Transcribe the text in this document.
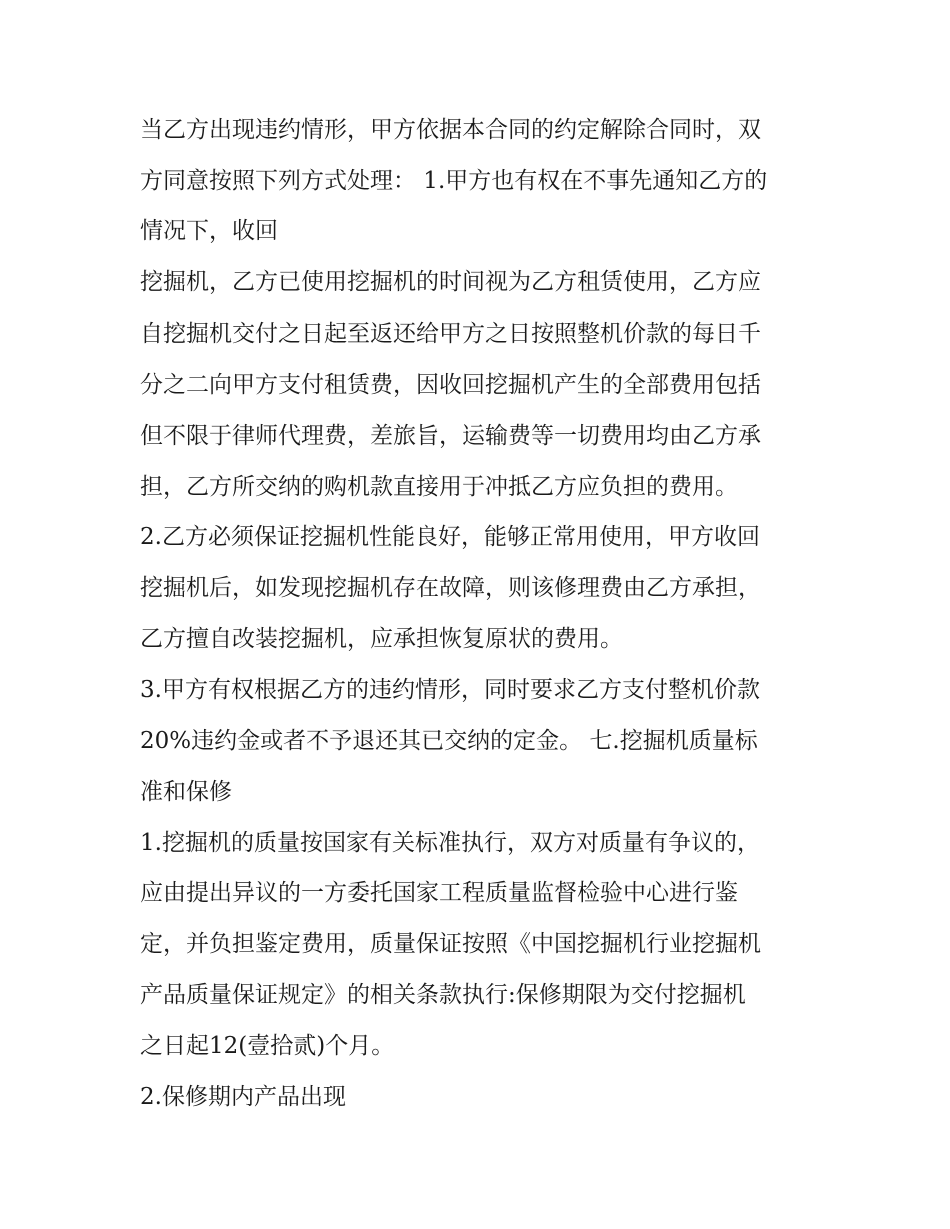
当乙方出现违约情形，甲方依据本合同的约定解除合同时，双
方同意按照下列方式处理： 1.甲方也有权在不事先通知乙方的
情况下，收回
挖掘机，乙方已使用挖掘机的时间视为乙方租赁使用，乙方应
自挖掘机交付之日起至返还给甲方之日按照整机价款的每日千
分之二向甲方支付租赁费，因收回挖掘机产生的全部费用包括
但不限于律师代理费，差旅旨，运输费等一切费用均由乙方承
担，乙方所交纳的购机款直接用于冲抵乙方应负担的费用。
2.乙方必须保证挖掘机性能良好，能够正常用使用，甲方收回
挖掘机后，如发现挖掘机存在故障，则该修理费由乙方承担，
乙方擅自改装挖掘机，应承担恢复原状的费用。
3.甲方有权根据乙方的违约情形，同时要求乙方支付整机价款
20%违约金或者不予退还其已交纳的定金。 七.挖掘机质量标
准和保修
1.挖掘机的质量按国家有关标准执行，双方对质量有争议的，
应由提出异议的一方委托国家工程质量监督检验中心进行鉴
定，并负担鉴定费用，质量保证按照《中国挖掘机行业挖掘机
产品质量保证规定》的相关条款执行:保修期限为交付挖掘机
之日起12(壹拾贰)个月。
2.保修期内产品出现
